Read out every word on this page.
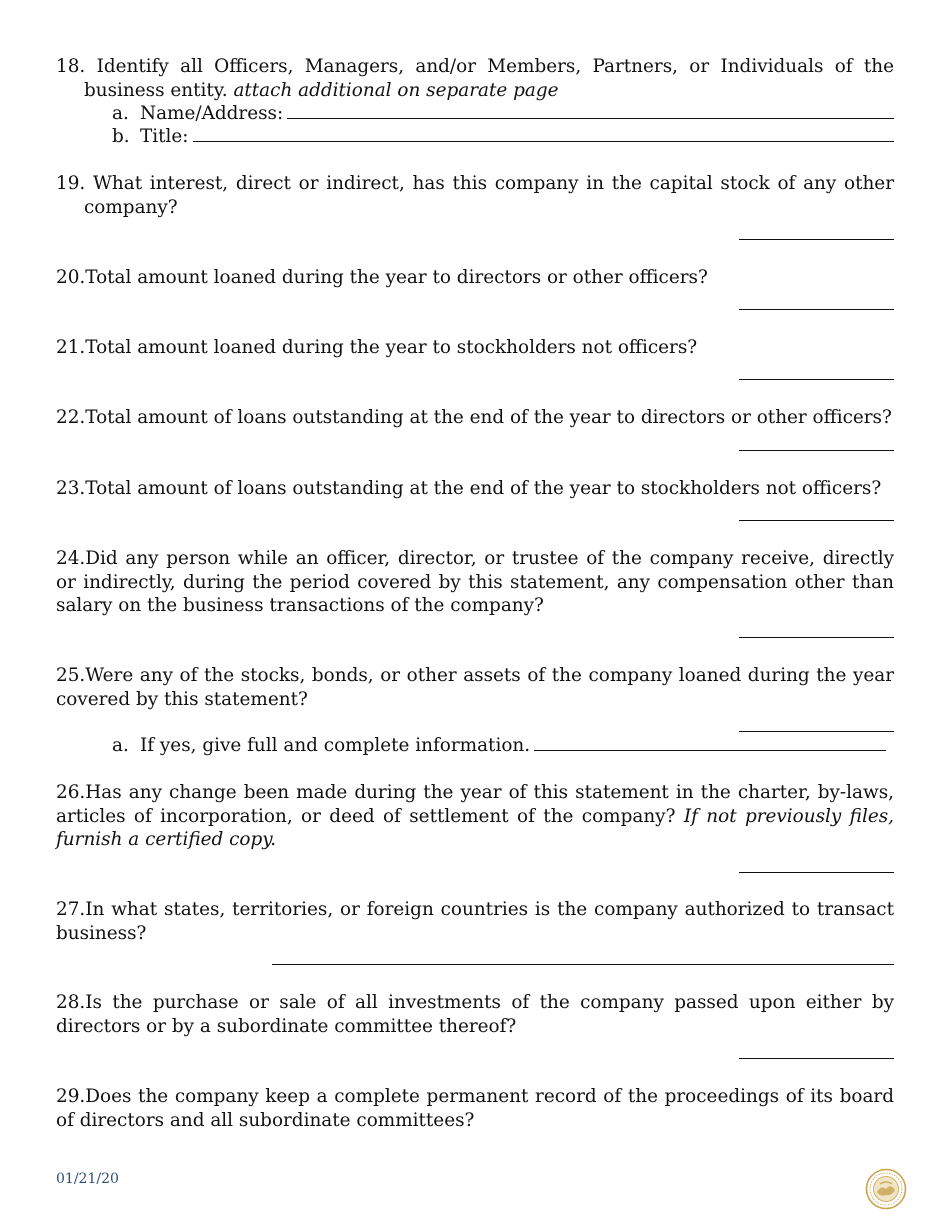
18. Identify all Officers, Managers, and/or Members, Partners, or Individuals of the business entity. attach additional on separate page

a. Name/Address:
b. Title:

19. What interest, direct or indirect, has this company in the capital stock of any other company?

20.Total amount loaned during the year to directors or other officers?

21.Total amount loaned during the year to stockholders not officers?

22.Total amount of loans outstanding at the end of the year to directors or other officers?

23.Total amount of loans outstanding at the end of the year to stockholders not officers?

24.Did any person while an officer, director, or trustee of the company receive, directly or indirectly, during the period covered by this statement, any compensation other than salary on the business transactions of the company?

25.Were any of the stocks, bonds, or other assets of the company loaned during the year covered by this statement?

a. If yes, give full and complete information.

26.Has any change been made during the year of this statement in the charter, by-laws, articles of incorporation, or deed of settlement of the company? If not previously files, furnish a certified copy.

27.In what states, territories, or foreign countries is the company authorized to transact business?

28.Is the purchase or sale of all investments of the company passed upon either by directors or by a subordinate committee thereof?

29.Does the company keep a complete permanent record of the proceedings of its board of directors and all subordinate committees?

01/21/20
